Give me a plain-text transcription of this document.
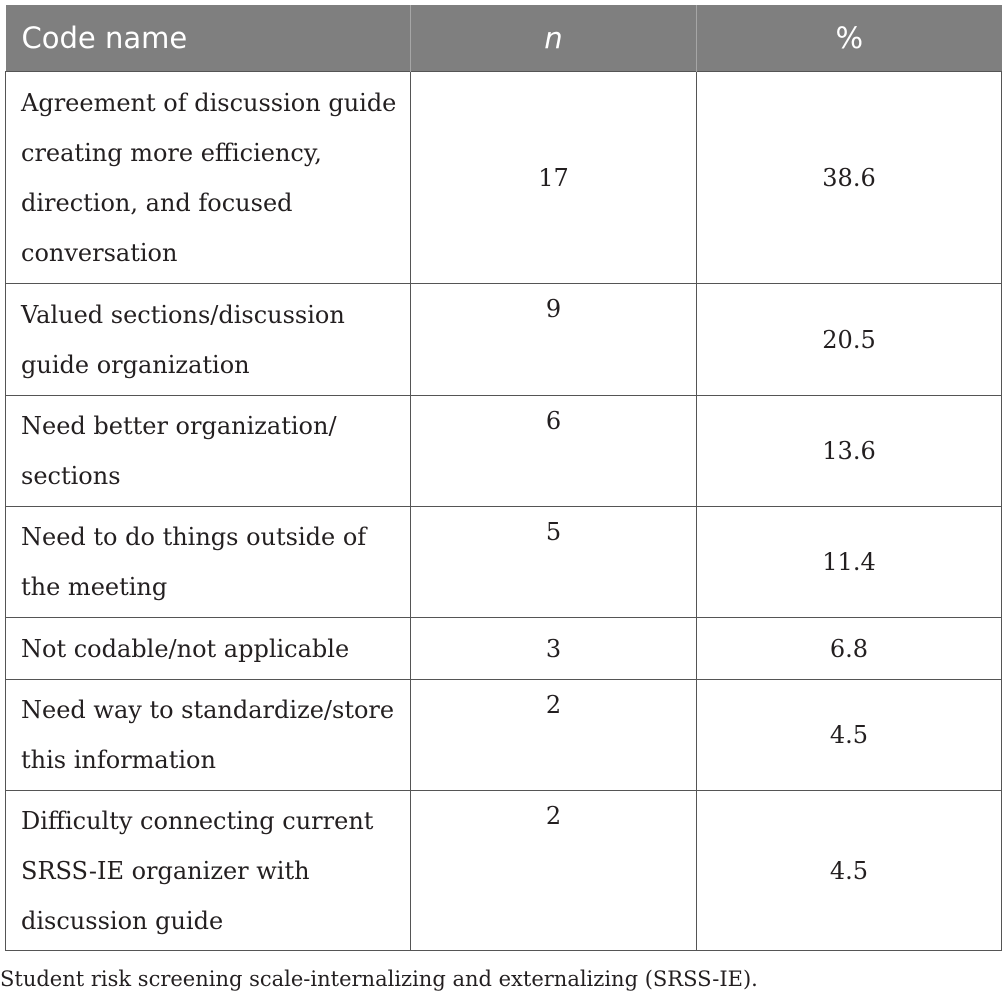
Code name	n	%
Agreement of discussion guide creating more efficiency, direction, and focused conversation	17	38.6
Valued sections/discussion guide organization	9	20.5
Need better organization/ sections	6	13.6
Need to do things outside of the meeting	5	11.4
Not codable/not applicable	3	6.8
Need way to standardize/store this information	2	4.5
Difficulty connecting current SRSS-IE organizer with discussion guide	2	4.5
Student risk screening scale-internalizing and externalizing (SRSS-IE).
